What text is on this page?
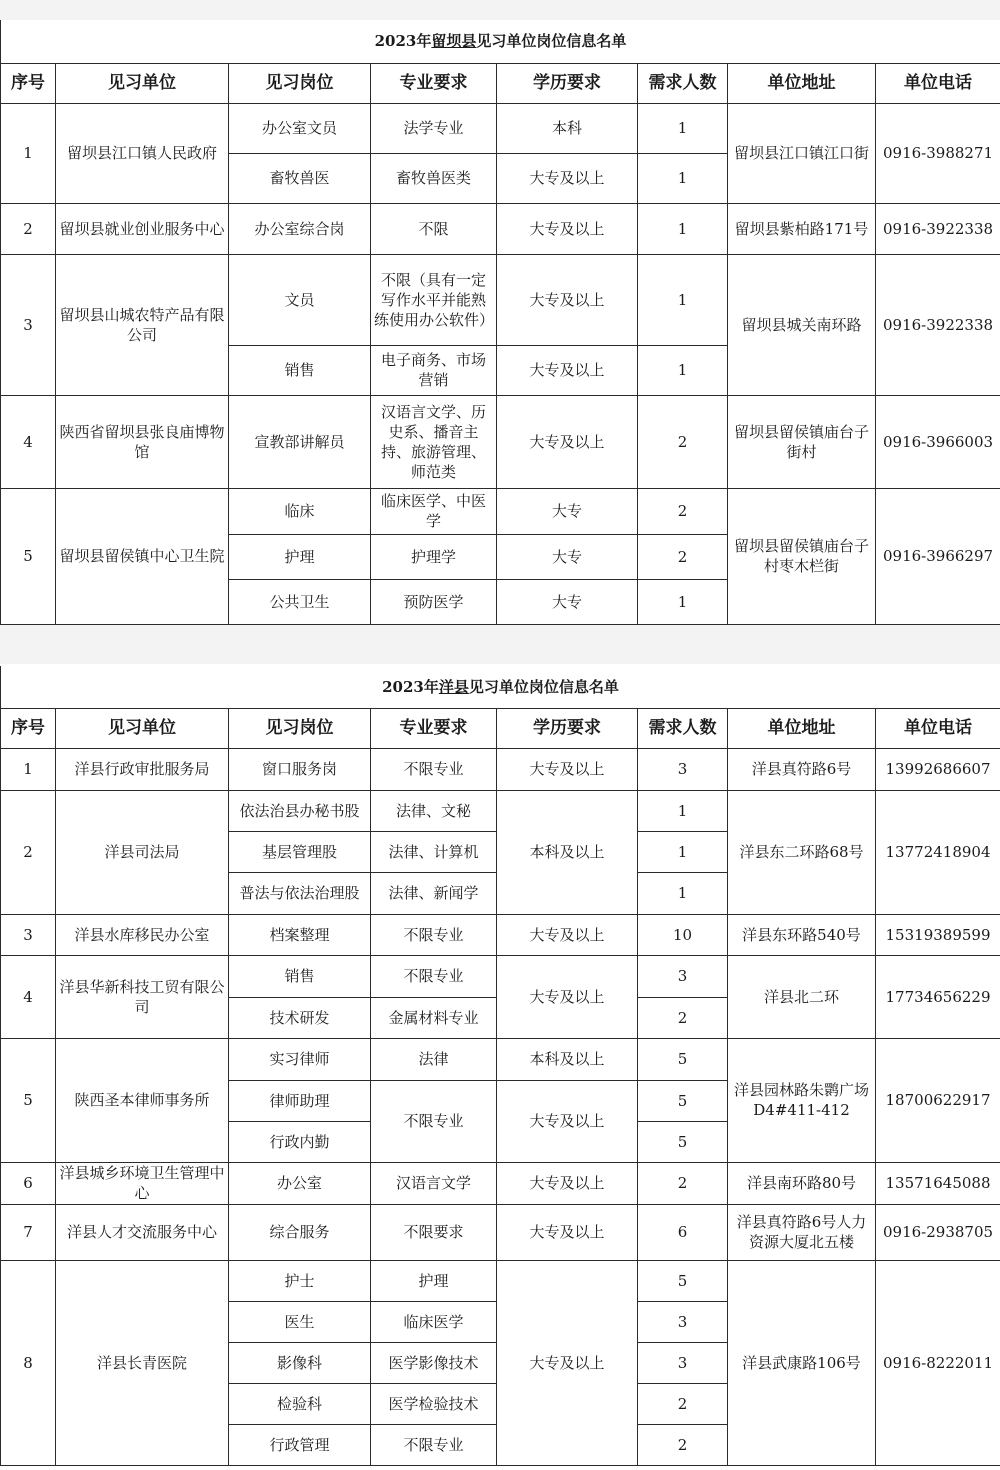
2023年留坝县见习单位岗位信息名单							
序号	见习单位	见习岗位	专业要求	学历要求	需求人数	单位地址	单位电话
1	留坝县江口镇人民政府	办公室文员	法学专业	本科	1	留坝县江口镇江口街	0916-3988271
		畜牧兽医	畜牧兽医类	大专及以上	1		
2	留坝县就业创业服务中心	办公室综合岗	不限	大专及以上	1	留坝县紫柏路171号	0916-3922338
3	留坝县山城农特产品有限公司	文员	不限（具有一定写作水平并能熟练使用办公软件）	大专及以上	1	留坝县城关南环路	0916-3922338
		销售	电子商务、市场营销	大专及以上	1		
4	陕西省留坝县张良庙博物馆	宣教部讲解员	汉语言文学、历史系、播音主持、旅游管理、师范类	大专及以上	2	留坝县留侯镇庙台子街村	0916-3966003
5	留坝县留侯镇中心卫生院	临床	临床医学、中医学	大专	2	留坝县留侯镇庙台子村枣木栏街	0916-3966297
		护理	护理学	大专	2		
		公共卫生	预防医学	大专	1		
2023年洋县见习单位岗位信息名单							
序号	见习单位	见习岗位	专业要求	学历要求	需求人数	单位地址	单位电话
1	洋县行政审批服务局	窗口服务岗	不限专业	大专及以上	3	洋县真符路6号	13992686607
2	洋县司法局	依法治县办秘书股	法律、文秘	本科及以上	1	洋县东二环路68号	13772418904
		基层管理股	法律、计算机		1		
		普法与依法治理股	法律、新闻学		1		
3	洋县水库移民办公室	档案整理	不限专业	大专及以上	10	洋县东环路540号	15319389599
4	洋县华新科技工贸有限公司	销售	不限专业	大专及以上	3	洋县北二环	17734656229
		技术研发	金属材料专业		2		
5	陕西圣本律师事务所	实习律师	法律	本科及以上	5	洋县园林路朱鹮广场D4#411-412	18700622917
		律师助理	不限专业	大专及以上	5		
		行政内勤			5		
6	洋县城乡环境卫生管理中心	办公室	汉语言文学	大专及以上	2	洋县南环路80号	13571645088
7	洋县人才交流服务中心	综合服务	不限要求	大专及以上	6	洋县真符路6号人力资源大厦北五楼	0916-2938705
8	洋县长青医院	护士	护理	大专及以上	5	洋县武康路106号	0916-8222011
		医生	临床医学		3		
		影像科	医学影像技术		3		
		检验科	医学检验技术		2		
		行政管理	不限专业		2		
